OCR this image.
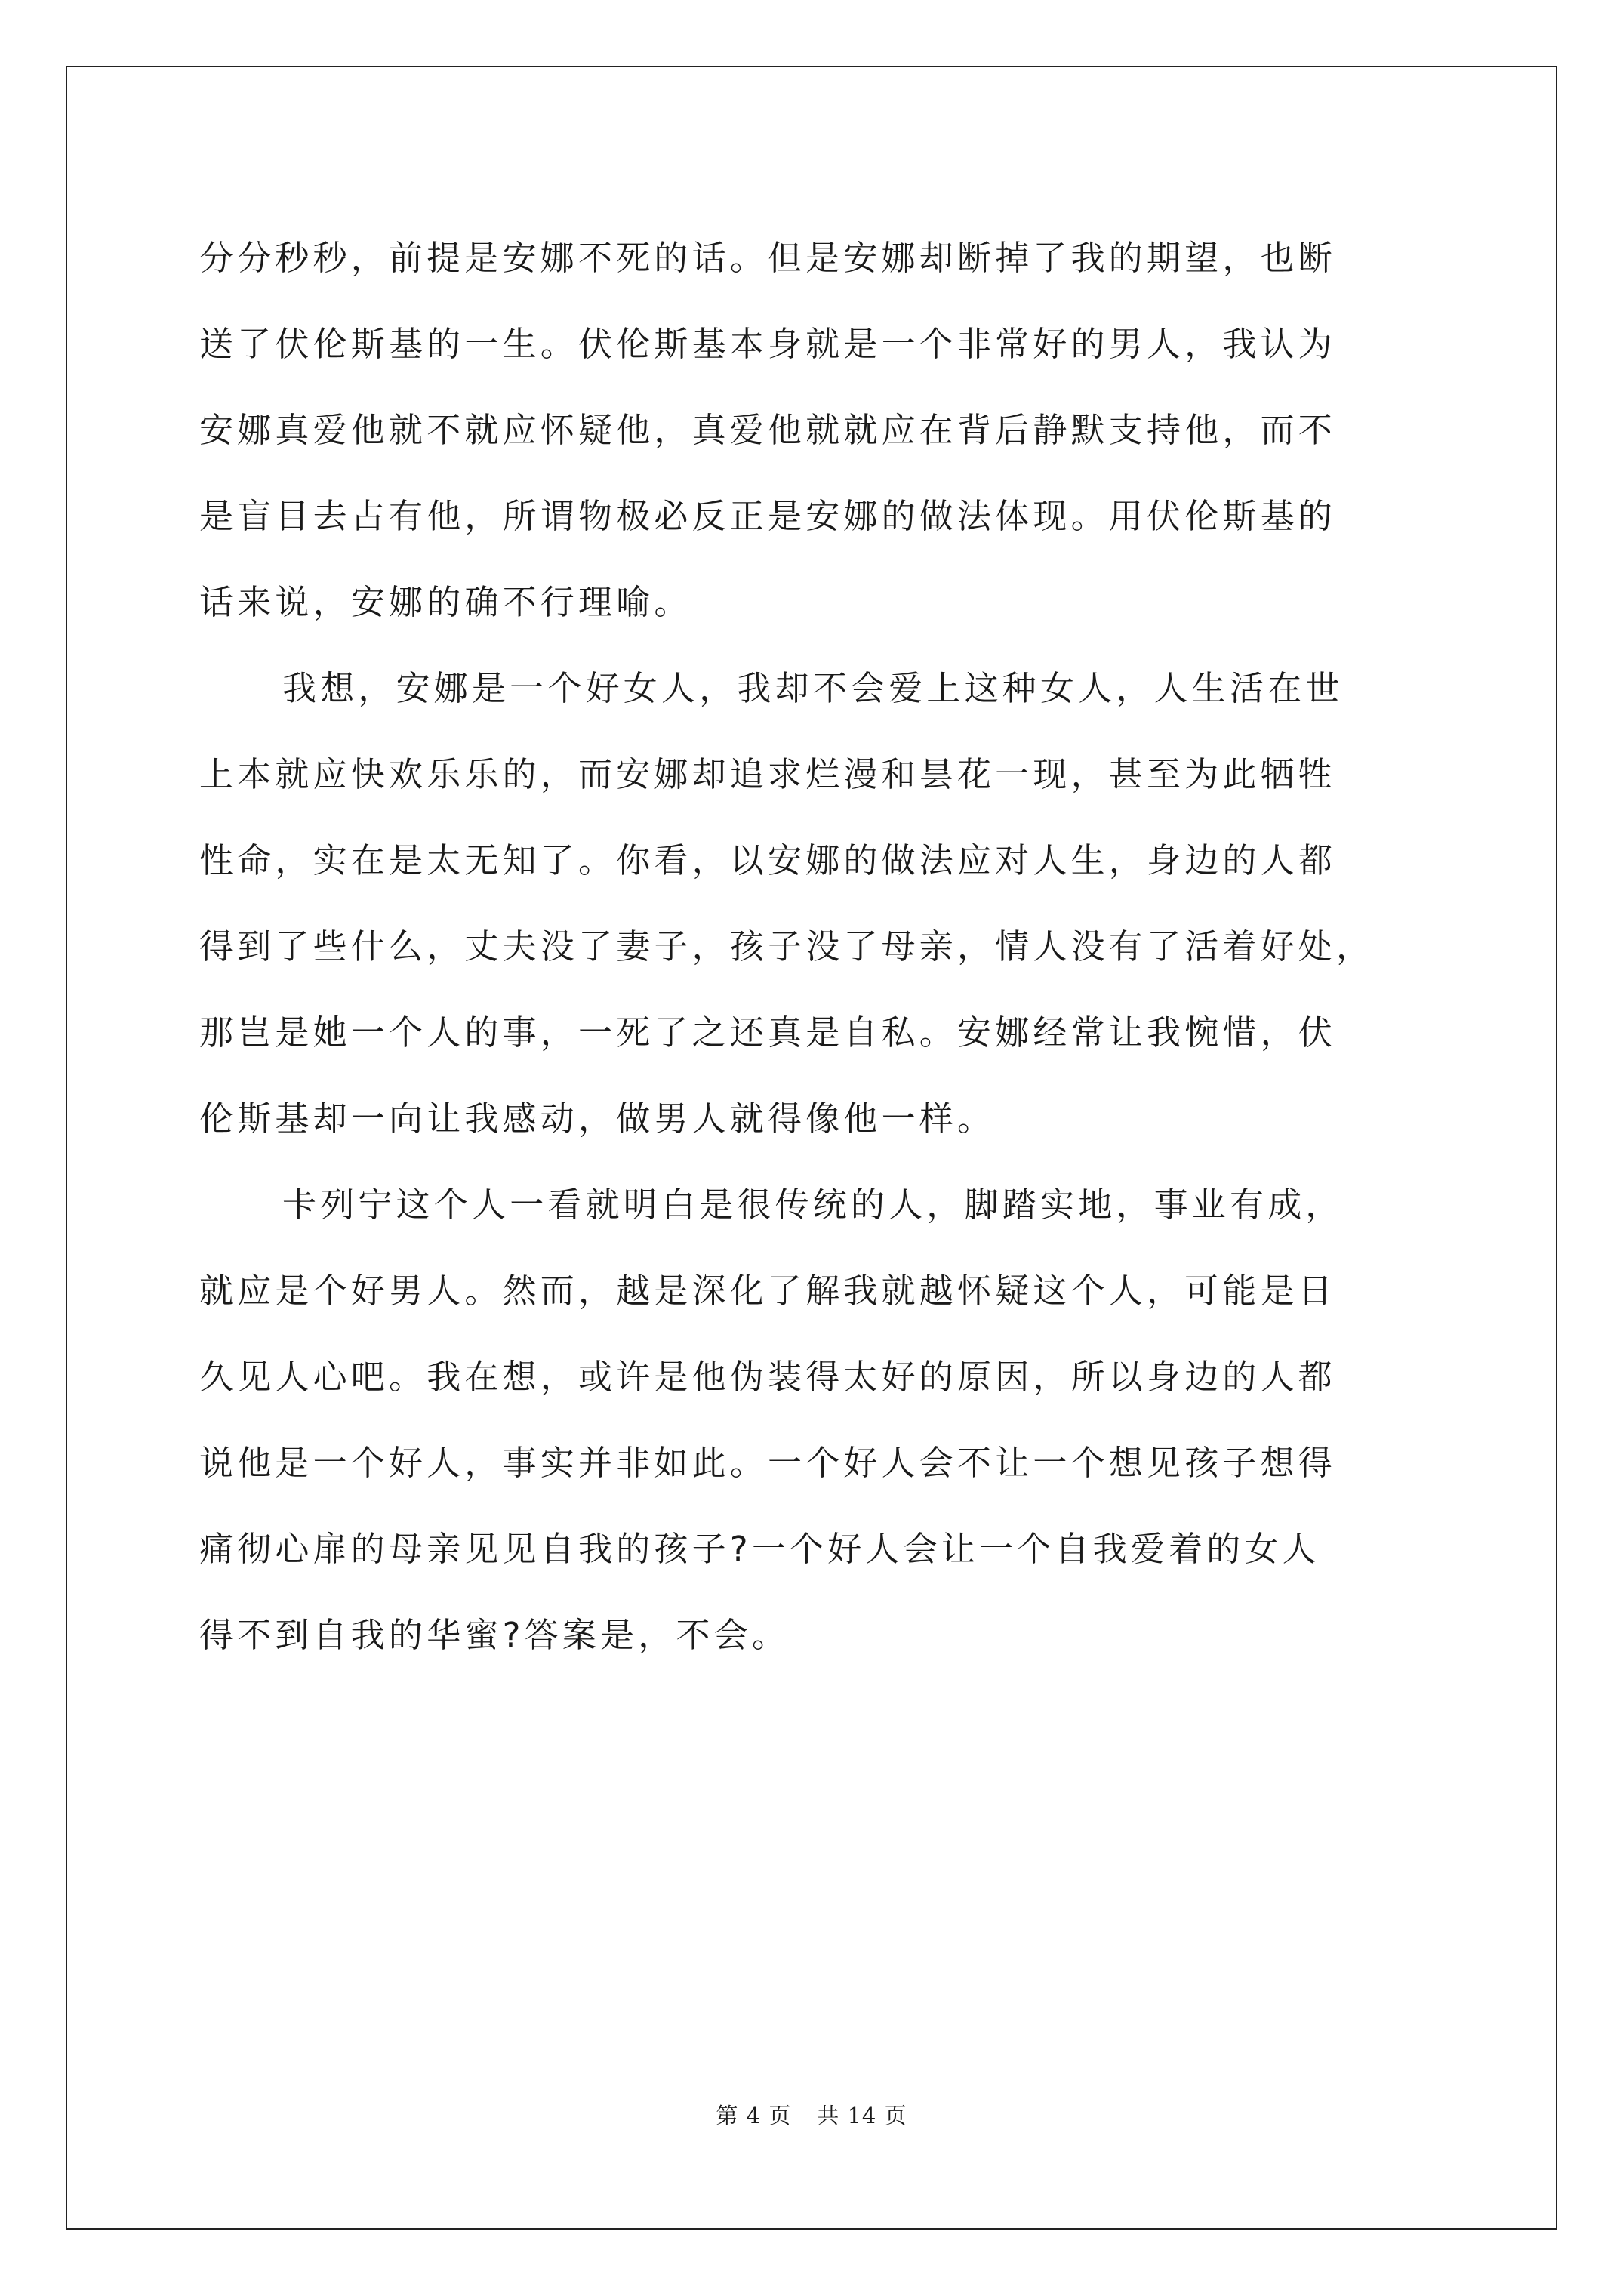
分分秒秒，前提是安娜不死的话。但是安娜却断掉了我的期望，也断
送了伏伦斯基的一生。伏伦斯基本身就是一个非常好的男人，我认为
安娜真爱他就不就应怀疑他，真爱他就就应在背后静默支持他，而不
是盲目去占有他，所谓物极必反正是安娜的做法体现。用伏伦斯基的
话来说，安娜的确不行理喻。
我想，安娜是一个好女人，我却不会爱上这种女人，人生活在世
上本就应快欢乐乐的，而安娜却追求烂漫和昙花一现，甚至为此牺牲
性命，实在是太无知了。你看，以安娜的做法应对人生，身边的人都
得到了些什么，丈夫没了妻子，孩子没了母亲，情人没有了活着好处，
那岂是她一个人的事，一死了之还真是自私。安娜经常让我惋惜，伏
伦斯基却一向让我感动，做男人就得像他一样。
卡列宁这个人一看就明白是很传统的人，脚踏实地，事业有成，
就应是个好男人。然而，越是深化了解我就越怀疑这个人，可能是日
久见人心吧。我在想，或许是他伪装得太好的原因，所以身边的人都
说他是一个好人，事实并非如此。一个好人会不让一个想见孩子想得
痛彻心扉的母亲见见自我的孩子?一个好人会让一个自我爱着的女人
得不到自我的华蜜?答案是，不会。
第 4 页 共 14 页
